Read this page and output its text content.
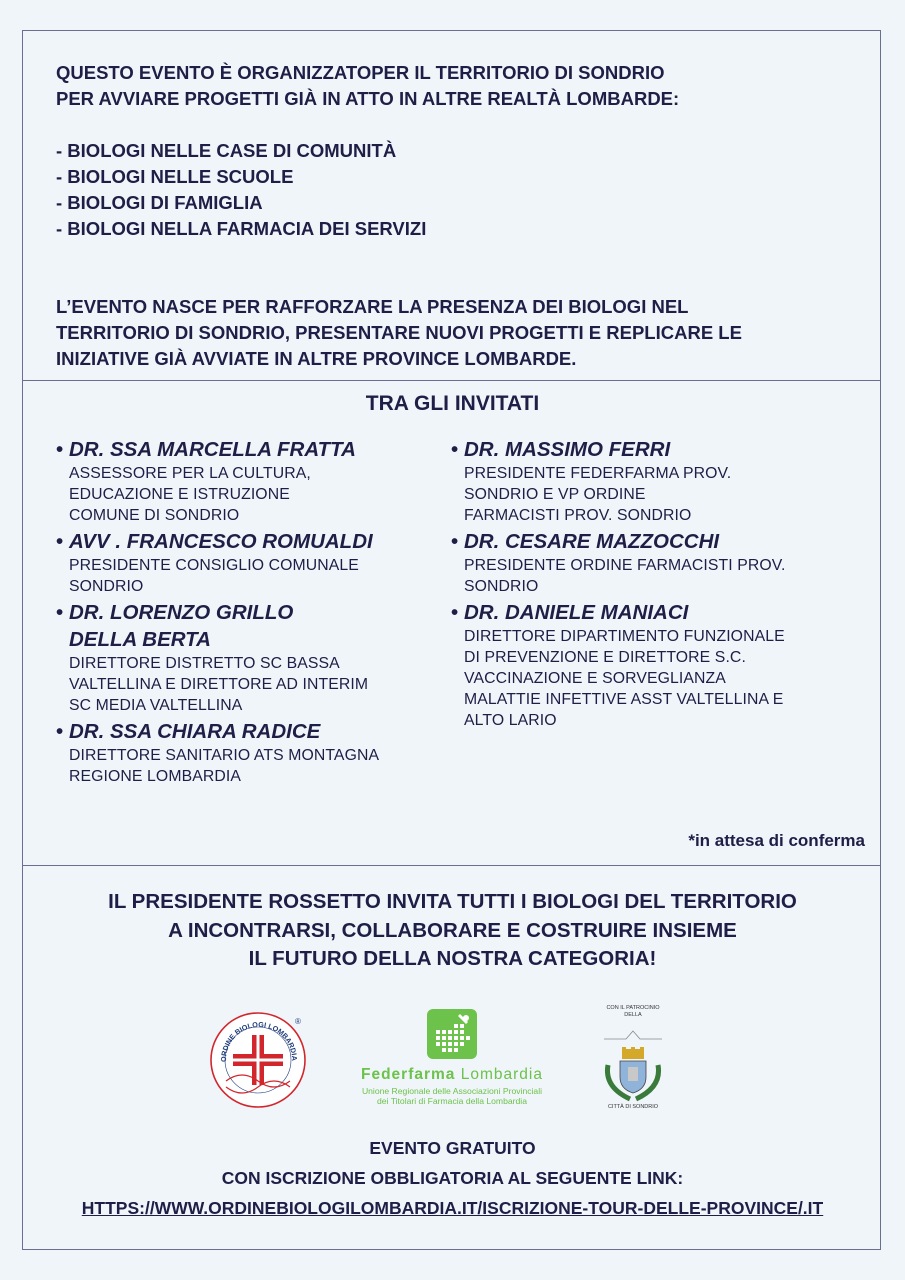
QUESTO EVENTO È ORGANIZZATOPER IL TERRITORIO DI SONDRIO

PER AVVIARE PROGETTI GIÀ IN ATTO IN ALTRE REALTÀ LOMBARDE:

- BIOLOGI NELLE CASE DI COMUNITÀ
- BIOLOGI NELLE SCUOLE
- BIOLOGI DI FAMIGLIA
- BIOLOGI NELLA FARMACIA DEI SERVIZI

L’EVENTO NASCE PER RAFFORZARE LA PRESENZA DEI BIOLOGI NEL

TERRITORIO DI SONDRIO, PRESENTARE NUOVI PROGETTI E REPLICARE LE

INIZIATIVE GIÀ AVVIATE IN ALTRE PROVINCE LOMBARDE.

TRA GLI INVITATI
• DR. SSA MARCELLA FRATTA
ASSESSORE PER LA CULTURA,
EDUCAZIONE E ISTRUZIONE
COMUNE DI SONDRIO
• AVV . FRANCESCO ROMUALDI
PRESIDENTE CONSIGLIO COMUNALE
SONDRIO
• DR. LORENZO GRILLO
DELLA BERTA
DIRETTORE DISTRETTO SC BASSA
VALTELLINA E DIRETTORE AD INTERIM
SC MEDIA VALTELLINA
• DR. SSA CHIARA RADICE
DIRETTORE SANITARIO ATS MONTAGNA
REGIONE LOMBARDIA
• DR. MASSIMO FERRI
PRESIDENTE FEDERFARMA PROV.
SONDRIO E VP ORDINE
FARMACISTI PROV. SONDRIO
• DR. CESARE MAZZOCCHI
PRESIDENTE ORDINE FARMACISTI PROV.
SONDRIO
• DR. DANIELE MANIACI
DIRETTORE DIPARTIMENTO FUNZIONALE
DI PREVENZIONE E DIRETTORE S.C.
VACCINAZIONE E SORVEGLIANZA
MALATTIE INFETTIVE ASST VALTELLINA E
ALTO LARIO
*in attesa di conferma
IL PRESIDENTE ROSSETTO INVITA TUTTI I BIOLOGI DEL TERRITORIO
A INCONTRARSI, COLLABORARE E COSTRUIRE INSIEME
IL FUTURO DELLA NOSTRA CATEGORIA!
ORDINE BIOLOGI LOMBARDIA
®
Federfarma Lombardia
Unione Regionale delle Associazioni Provinciali
dei Titolari di Farmacia della Lombardia
CON IL PATROCINIO
DELLA
CITTÀ DI SONDRIO
EVENTO GRATUITO
CON ISCRIZIONE OBBLIGATORIA AL SEGUENTE LINK:
HTTPS://WWW.ORDINEBIOLOGILOMBARDIA.IT/ISCRIZIONE-TOUR-DELLE-PROVINCE/.IT
